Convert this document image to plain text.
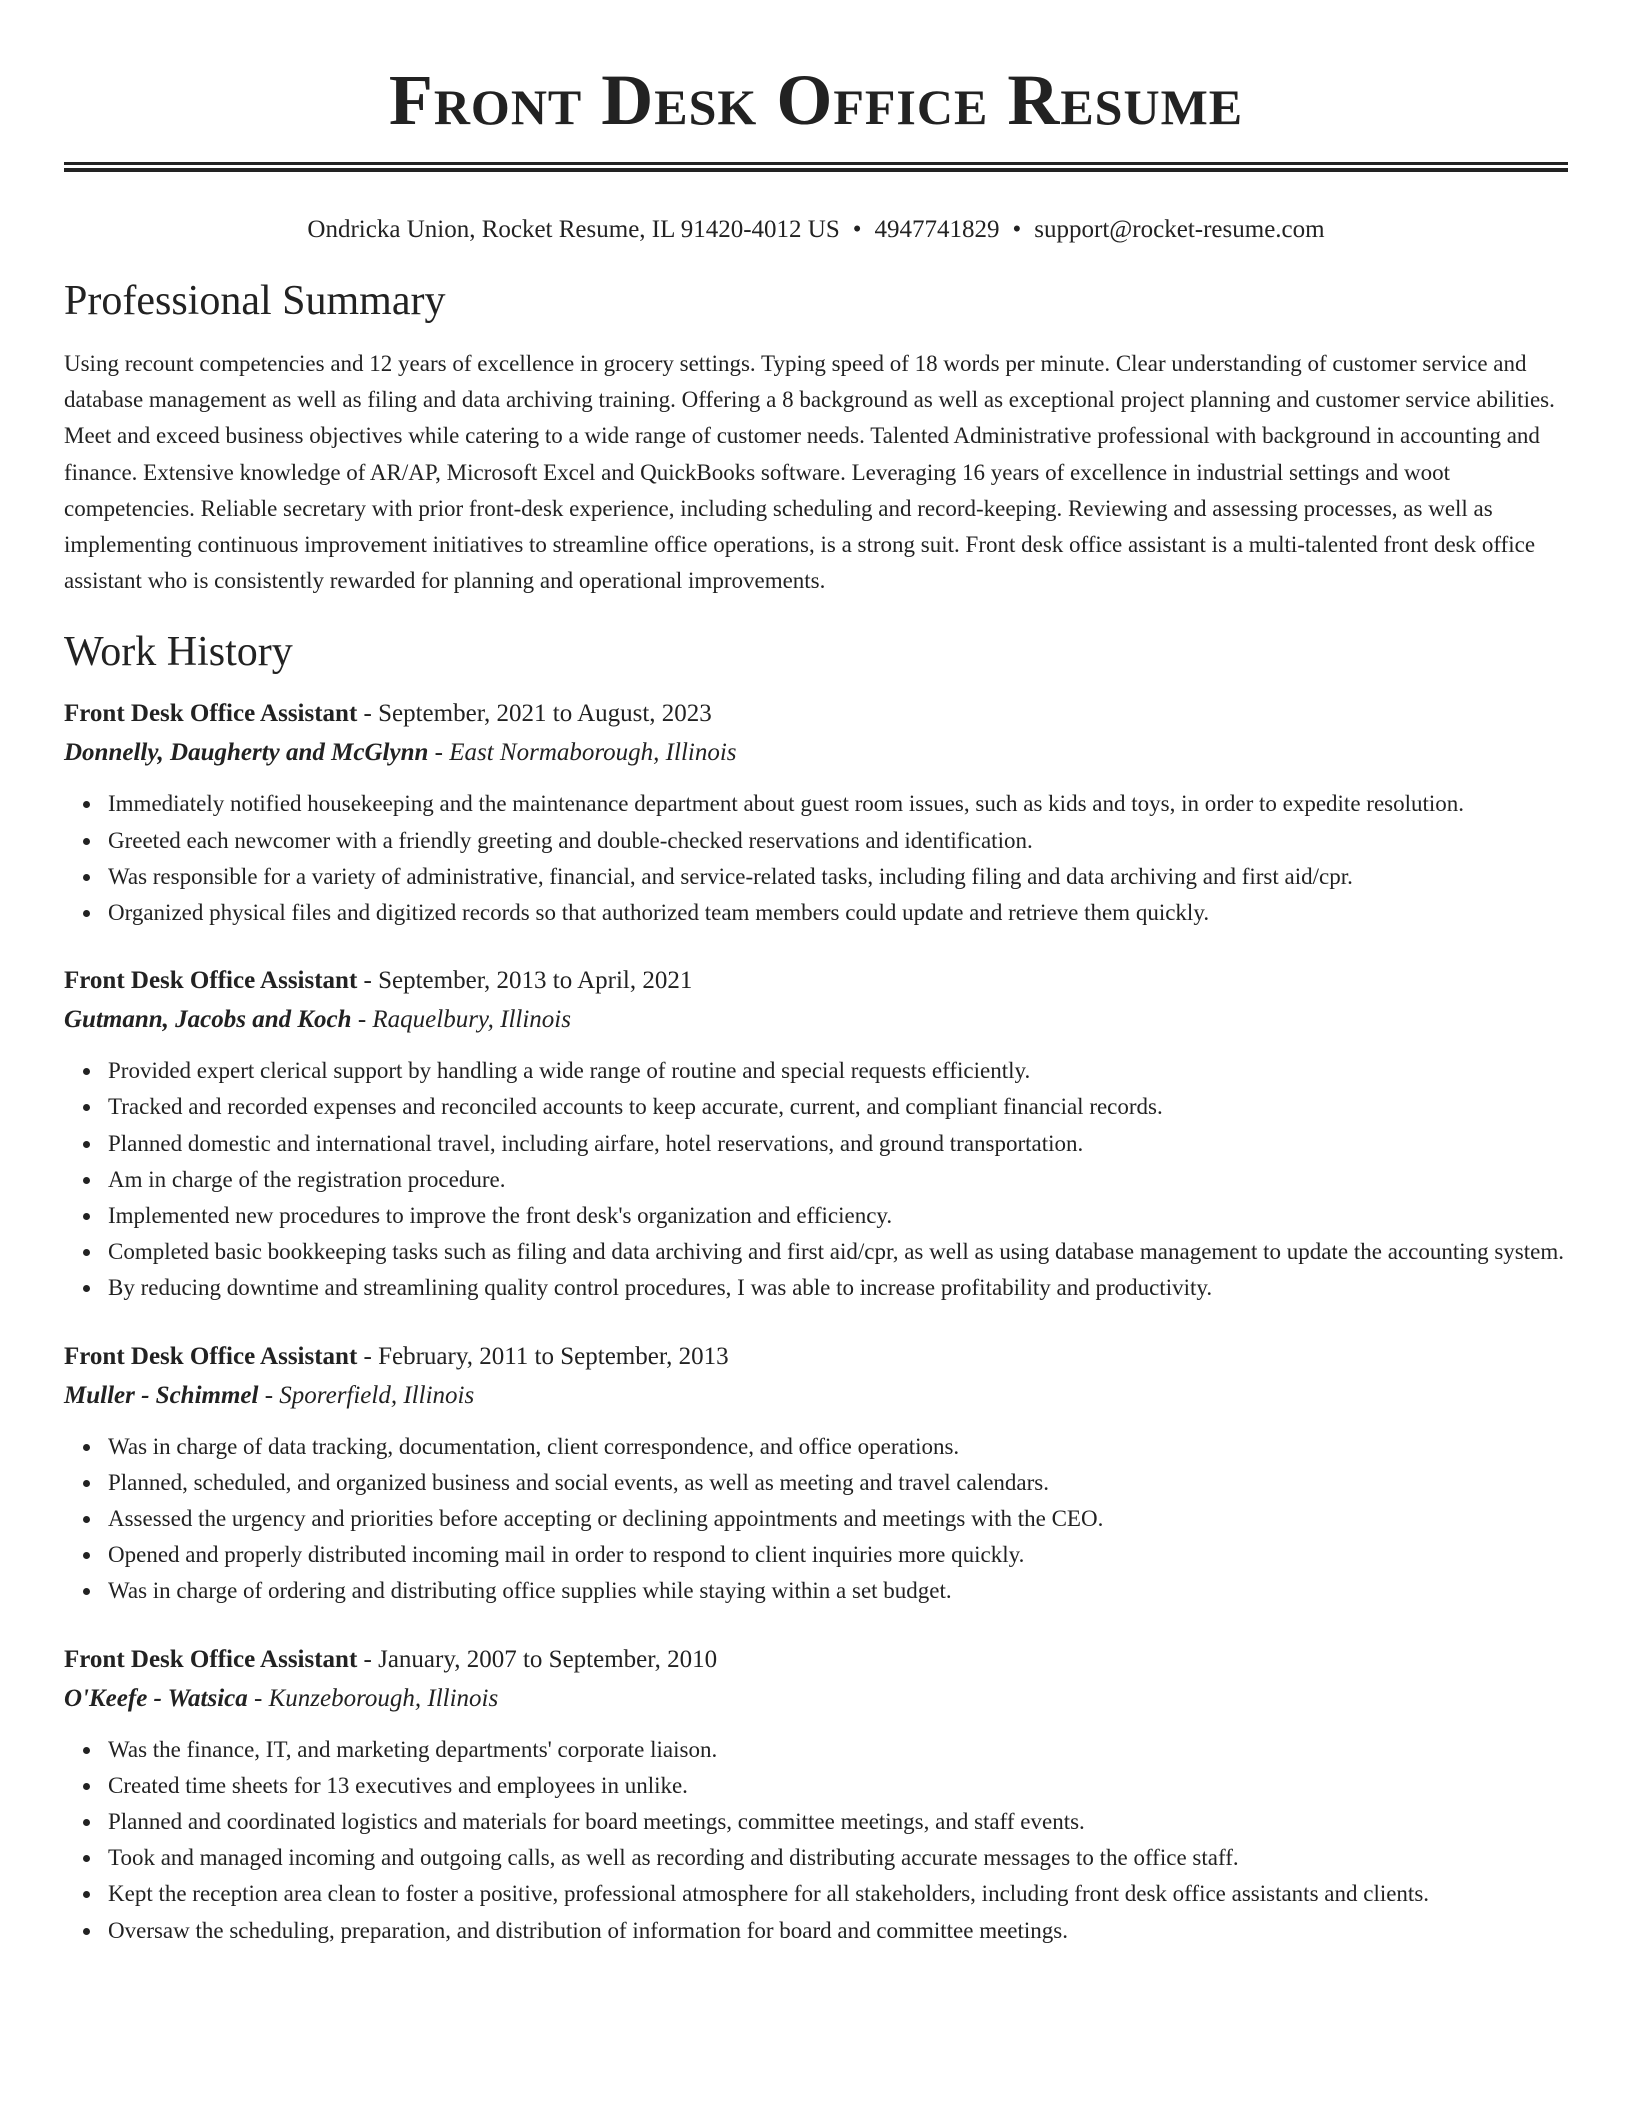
Front Desk Office Resume
Ondricka Union, Rocket Resume, IL 91420-4012 US • 4947741829 • support@rocket-resume.com
Professional Summary

Using recount competencies and 12 years of excellence in grocery settings. Typing speed of 18 words per minute. Clear understanding of customer service and database management as well as filing and data archiving training. Offering a 8 background as well as exceptional project planning and customer service abilities. Meet and exceed business objectives while catering to a wide range of customer needs. Talented Administrative professional with background in accounting and finance. Extensive knowledge of AR/AP, Microsoft Excel and QuickBooks software. Leveraging 16 years of excellence in industrial settings and woot competencies. Reliable secretary with prior front-desk experience, including scheduling and record-keeping. Reviewing and assessing processes, as well as implementing continuous improvement initiatives to streamline office operations, is a strong suit. Front desk office assistant is a multi-talented front desk office assistant who is consistently rewarded for planning and operational improvements.

Work History

Front Desk Office Assistant - September, 2021 to August, 2023

Donnelly, Daugherty and McGlynn - East Normaborough, Illinois

Immediately notified housekeeping and the maintenance department about guest room issues, such as kids and toys, in order to expedite resolution.
Greeted each newcomer with a friendly greeting and double-checked reservations and identification.
Was responsible for a variety of administrative, financial, and service-related tasks, including filing and data archiving and first aid/cpr.
Organized physical files and digitized records so that authorized team members could update and retrieve them quickly.

Front Desk Office Assistant - September, 2013 to April, 2021

Gutmann, Jacobs and Koch - Raquelbury, Illinois

Provided expert clerical support by handling a wide range of routine and special requests efficiently.
Tracked and recorded expenses and reconciled accounts to keep accurate, current, and compliant financial records.
Planned domestic and international travel, including airfare, hotel reservations, and ground transportation.
Am in charge of the registration procedure.
Implemented new procedures to improve the front desk's organization and efficiency.
Completed basic bookkeeping tasks such as filing and data archiving and first aid/cpr, as well as using database management to update the accounting system.
By reducing downtime and streamlining quality control procedures, I was able to increase profitability and productivity.

Front Desk Office Assistant - February, 2011 to September, 2013

Muller - Schimmel - Sporerfield, Illinois

Was in charge of data tracking, documentation, client correspondence, and office operations.
Planned, scheduled, and organized business and social events, as well as meeting and travel calendars.
Assessed the urgency and priorities before accepting or declining appointments and meetings with the CEO.
Opened and properly distributed incoming mail in order to respond to client inquiries more quickly.
Was in charge of ordering and distributing office supplies while staying within a set budget.

Front Desk Office Assistant - January, 2007 to September, 2010

O'Keefe - Watsica - Kunzeborough, Illinois

Was the finance, IT, and marketing departments' corporate liaison.
Created time sheets for 13 executives and employees in unlike.
Planned and coordinated logistics and materials for board meetings, committee meetings, and staff events.
Took and managed incoming and outgoing calls, as well as recording and distributing accurate messages to the office staff.
Kept the reception area clean to foster a positive, professional atmosphere for all stakeholders, including front desk office assistants and clients.
Oversaw the scheduling, preparation, and distribution of information for board and committee meetings.
